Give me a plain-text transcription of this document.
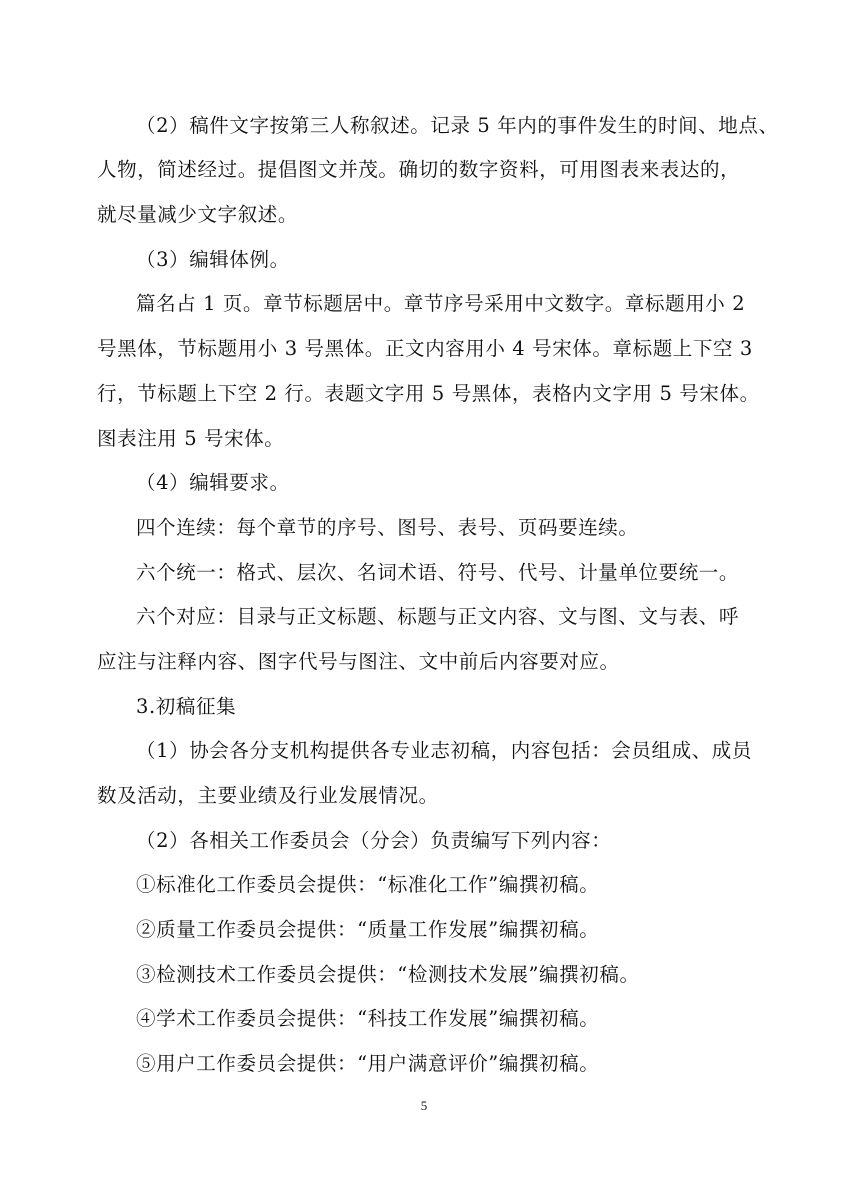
（2）稿件文字按第三人称叙述。记录 5 年内的事件发生的时间、地点、
人物，简述经过。提倡图文并茂。确切的数字资料，可用图表来表达的，
就尽量减少文字叙述。
（3）编辑体例。
篇名占 1 页。章节标题居中。章节序号采用中文数字。章标题用小 2
号黑体，节标题用小 3 号黑体。正文内容用小 4 号宋体。章标题上下空 3
行，节标题上下空 2 行。表题文字用 5 号黑体，表格内文字用 5 号宋体。
图表注用 5 号宋体。
（4）编辑要求。
四个连续：每个章节的序号、图号、表号、页码要连续。
六个统一：格式、层次、名词术语、符号、代号、计量单位要统一。
六个对应：目录与正文标题、标题与正文内容、文与图、文与表、呼
应注与注释内容、图字代号与图注、文中前后内容要对应。
3.初稿征集
（1）协会各分支机构提供各专业志初稿，内容包括：会员组成、成员
数及活动，主要业绩及行业发展情况。
（2）各相关工作委员会（分会）负责编写下列内容：
①标准化工作委员会提供：“标准化工作”编撰初稿。
②质量工作委员会提供：“质量工作发展”编撰初稿。
③检测技术工作委员会提供：“检测技术发展”编撰初稿。
④学术工作委员会提供：“科技工作发展”编撰初稿。
⑤用户工作委员会提供：“用户满意评价”编撰初稿。
5
